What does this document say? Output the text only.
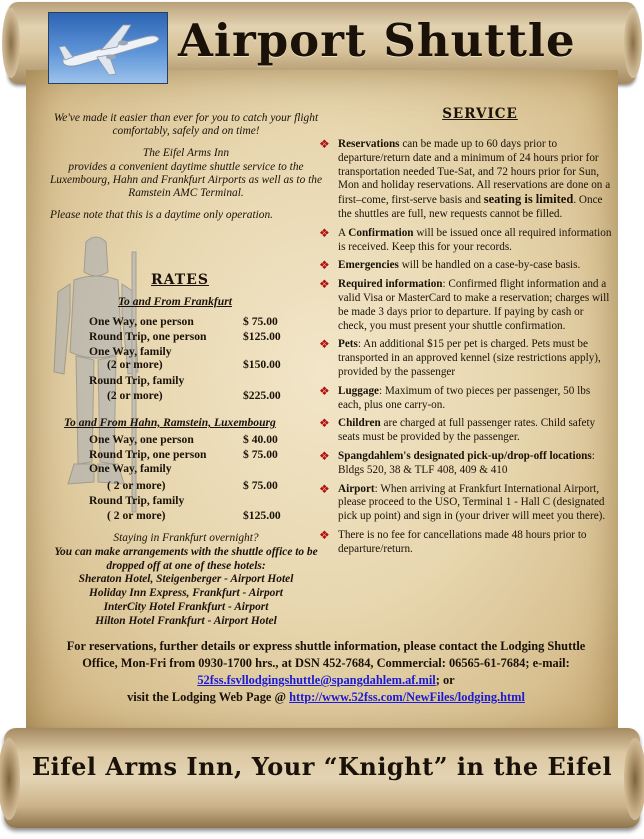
Airport Shuttle

We've made it easier than ever for you to catch your flight comfortably, safely and on time!

The Eifel Arms Inn
provides a convenient daytime shuttle service to the Luxembourg, Hahn and Frankfurt Airports as well as to the Ramstein AMC Terminal.

Please note that this is a daytime only operation.

RATES
To and From Frankfurt
One Way, one person	$ 75.00
Round Trip, one person	$125.00
One Way, family
(2 or more)	$150.00
Round Trip, family
(2 or more)	$225.00
To and From Hahn, Ramstein, Luxembourg
One Way, one person	$ 40.00
Round Trip, one person	$ 75.00
One Way, family
( 2 or more)	$ 75.00
Round Trip, family
( 2 or more)	$125.00
Staying in Frankfurt overnight?
You can make arrangements with the shuttle office to be dropped off at one of these hotels:
Sheraton Hotel, Steigenberger - Airport Hotel
Holiday Inn Express, Frankfurt - Airport
InterCity Hotel Frankfurt - Airport
Hilton Hotel Frankfurt - Airport Hotel
SERVICE
❖ Reservations can be made up to 60 days prior to departure/return date and a minimum of 24 hours prior for transportation needed Tue-Sat, and 72 hours prior for Sun, Mon and holiday reservations. All reservations are done on a first–come, first-serve basis and seating is limited. Once the shuttles are full, new requests cannot be filled.
❖ A Confirmation will be issued once all required information is received. Keep this for your records.
❖ Emergencies will be handled on a case-by-case basis.
❖ Required information: Confirmed flight information and a valid Visa or MasterCard to make a reservation; charges will be made 3 days prior to departure. If paying by cash or check, you must present your shuttle confirmation.
❖ Pets: An additional $15 per pet is charged. Pets must be transported in an approved kennel (size restrictions apply), provided by the passenger
❖ Luggage: Maximum of two pieces per passenger, 50 lbs each, plus one carry-on.
❖ Children are charged at full passenger rates. Child safety seats must be provided by the passenger.
❖ Spangdahlem's designated pick-up/drop-off locations: Bldgs 520, 38 & TLF 408, 409 & 410
❖ Airport: When arriving at Frankfurt International Airport, please proceed to the USO, Terminal 1 - Hall C (designated pick up point) and sign in (your driver will meet you there).
❖ There is no fee for cancellations made 48 hours prior to departure/return.
For reservations, further details or express shuttle information, please contact the Lodging Shuttle Office, Mon-Fri from 0930-1700 hrs., at DSN 452-7684, Commercial: 06565-61-7684; e-mail: 52fss.fsvllodgingshuttle@spangdahlem.af.mil; or
visit the Lodging Web Page @ http://www.52fss.com/NewFiles/lodging.html
Eifel Arms Inn, Your “Knight” in the Eifel
